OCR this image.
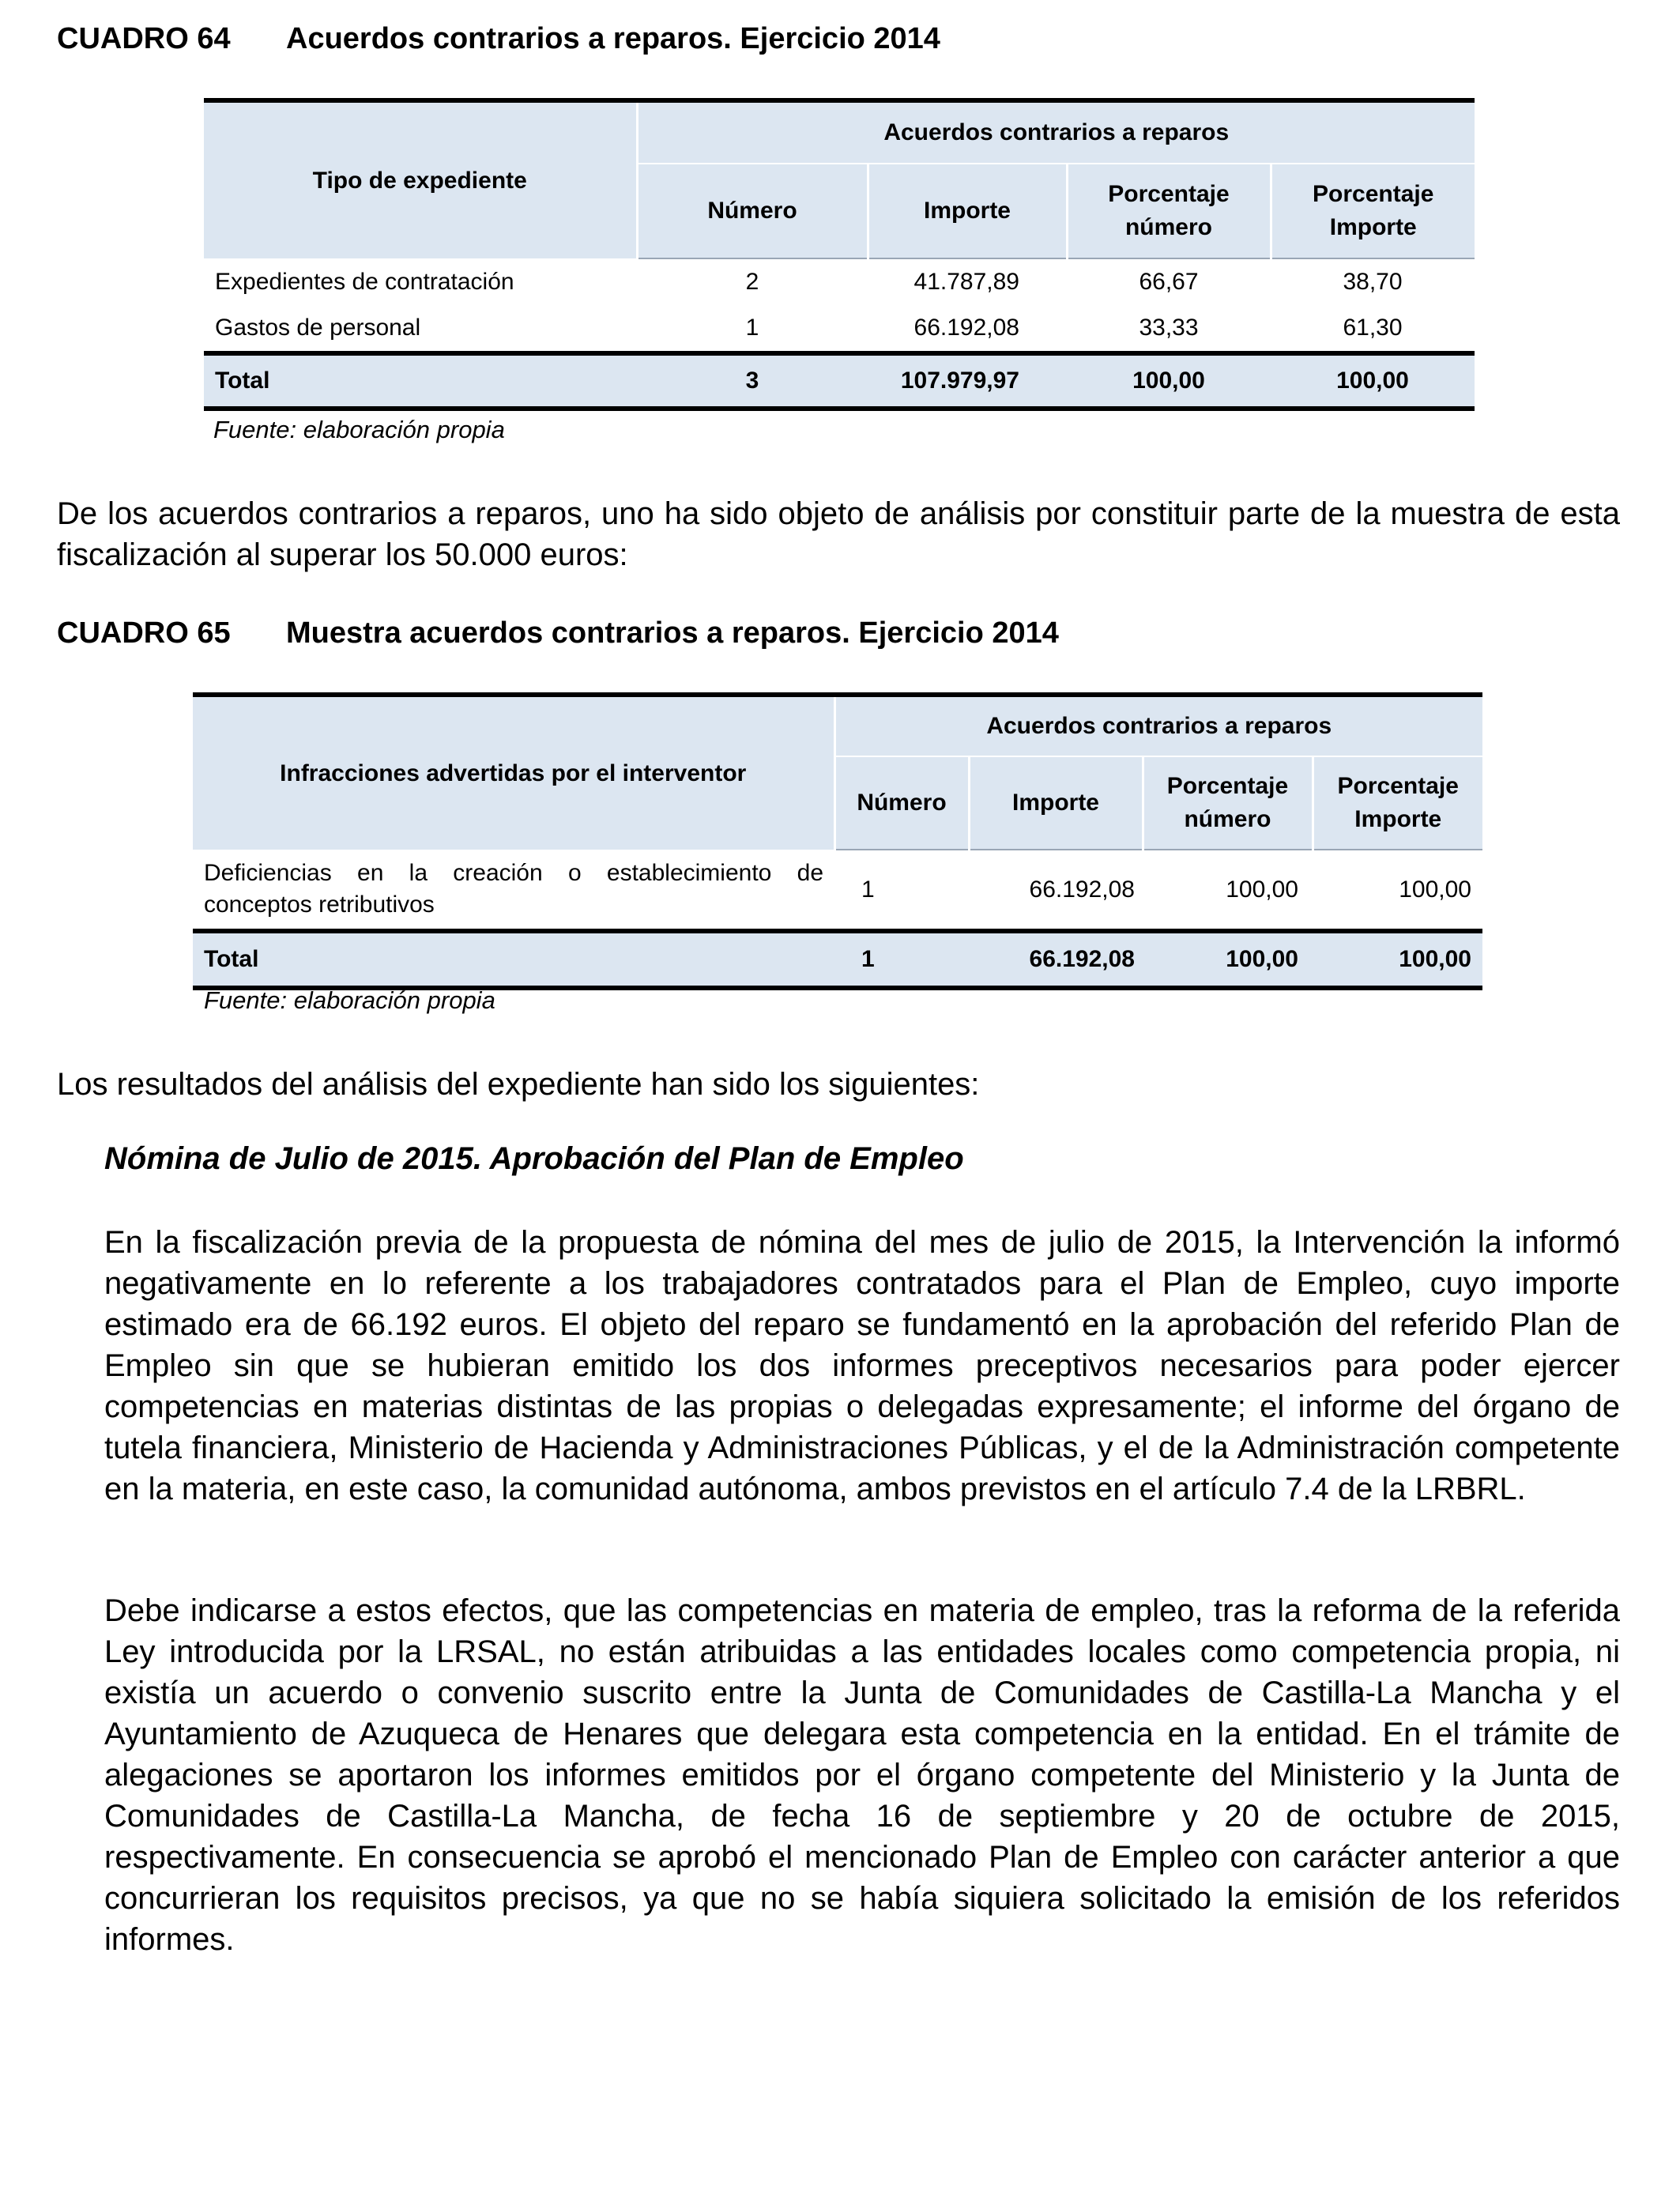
CUADRO 64 Acuerdos contrarios a reparos. Ejercicio 2014
Tipo de expediente	Acuerdos contrarios a reparos			
	Número	Importe	Porcentaje número	Porcentaje Importe
Expedientes de contratación	2	41.787,89	66,67	38,70
Gastos de personal	1	66.192,08	33,33	61,30
Total	3	107.979,97	100,00	100,00
Fuente: elaboración propia

De los acuerdos contrarios a reparos, uno ha sido objeto de análisis por constituir parte de la muestra de esta fiscalización al superar los 50.000 euros:

CUADRO 65 Muestra acuerdos contrarios a reparos. Ejercicio 2014
Infracciones advertidas por el interventor	Acuerdos contrarios a reparos			
	Número	Importe	Porcentaje número	Porcentaje Importe
Deficiencias en la creación o establecimiento de conceptos retributivos	1	66.192,08	100,00	100,00
Total	1	66.192,08	100,00	100,00
Fuente: elaboración propia

Los resultados del análisis del expediente han sido los siguientes:

Nómina de Julio de 2015. Aprobación del Plan de Empleo

En la fiscalización previa de la propuesta de nómina del mes de julio de 2015, la Intervención la informó negativamente en lo referente a los trabajadores contratados para el Plan de Empleo, cuyo importe estimado era de 66.192 euros. El objeto del reparo se fundamentó en la aprobación del referido Plan de Empleo sin que se hubieran emitido los dos informes preceptivos necesarios para poder ejercer competencias en materias distintas de las propias o delegadas expresamente; el informe del órgano de tutela financiera, Ministerio de Hacienda y Administraciones Públicas, y el de la Administración competente en la materia, en este caso, la comunidad autónoma, ambos previstos en el artículo 7.4 de la LRBRL.

Debe indicarse a estos efectos, que las competencias en materia de empleo, tras la reforma de la referida Ley introducida por la LRSAL, no están atribuidas a las entidades locales como competencia propia, ni existía un acuerdo o convenio suscrito entre la Junta de Comunidades de Castilla-La Mancha y el Ayuntamiento de Azuqueca de Henares que delegara esta competencia en la entidad. En el trámite de alegaciones se aportaron los informes emitidos por el órgano competente del Ministerio y la Junta de Comunidades de Castilla-La Mancha, de fecha 16 de septiembre y 20 de octubre de 2015, respectivamente. En consecuencia se aprobó el mencionado Plan de Empleo con carácter anterior a que concurrieran los requisitos precisos, ya que no se había siquiera solicitado la emisión de los referidos informes.
